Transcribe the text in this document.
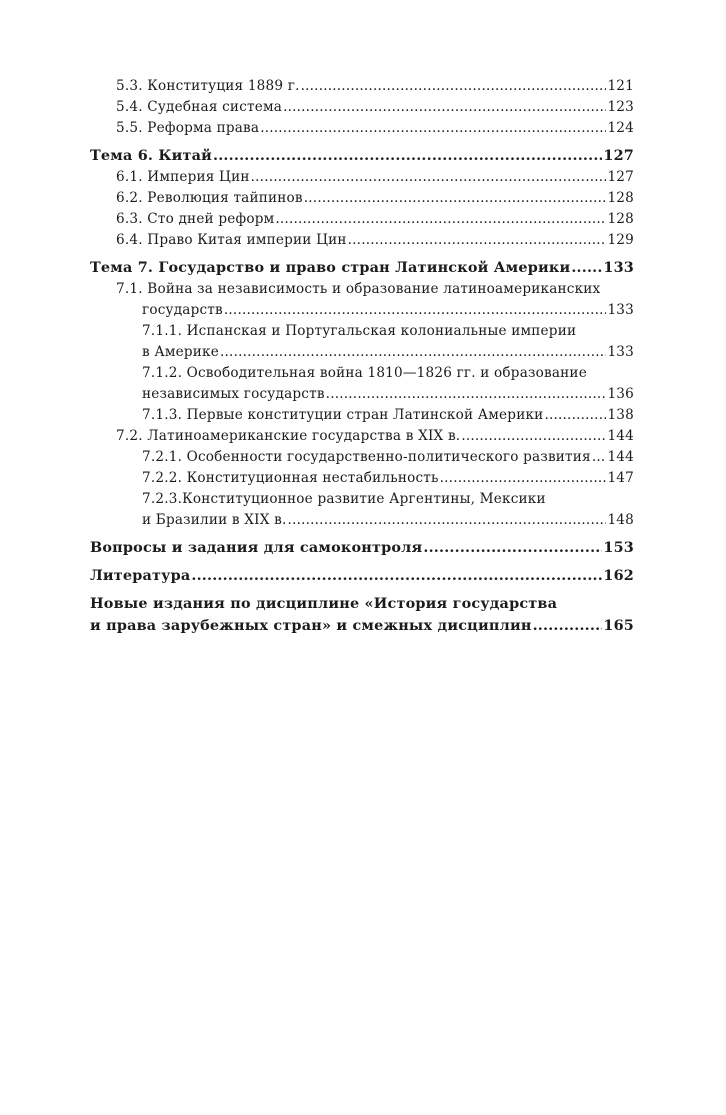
5.3. Конституция 1889 г. .....	121
5.4. Судебная система .....	123
5.5. Реформа права .....	124
Тема 6. Китай .....	127
6.1. Империя Цин .....	127
6.2. Революция тайпинов .....	128
6.3. Сто дней реформ .....	128
6.4. Право Китая империи Цин .....	129
Тема 7. Государство и право стран Латинской Америки ..... 133
7.1. Война за независимость и образование латиноамериканских
государств .....	133
7.1.1. Испанская и Португальская колониальные империи
в Америке .....	133
7.1.2. Освободительная война 1810—1826 гг. и образование
независимых государств .....	136
7.1.3. Первые конституции стран Латинской Америки .....	138
7.2. Латиноамериканские государства в XIX в. .....	144
7.2.1. Особенности государственно-политического развития ..... 144
7.2.2. Конституционная нестабильность .....	147
7.2.3.Конституционное развитие Аргентины, Мексики
и Бразилии в XIX в. .....	148
Вопросы и задания для самоконтроля .....	153
Литература .....	162
Новые издания по дисциплине «История государства
и права зарубежных стран» и смежных дисциплин .....	165
